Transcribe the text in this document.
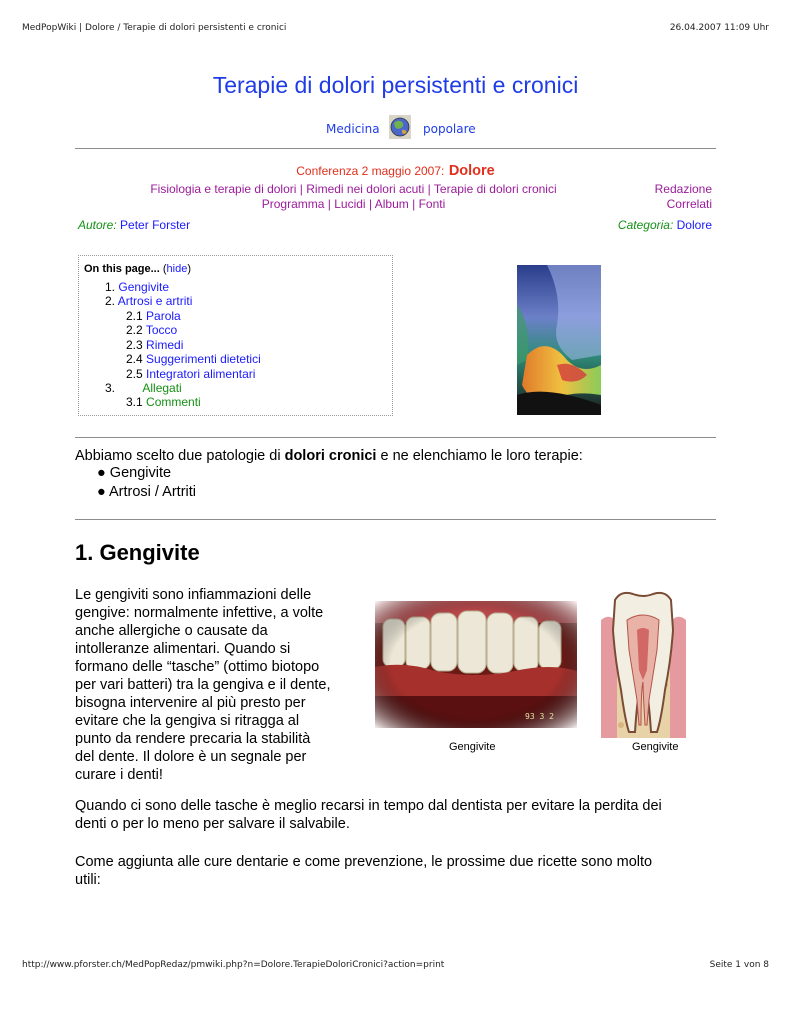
MedPopWiki | Dolore / Terapie di dolori persistenti e cronici	26.04.2007 11:09 Uhr
Terapie di dolori persistenti e cronici
Medicina	popolare
Conferenza 2 maggio 2007: Dolore
Fisiologia e terapie di dolori | Rimedi nei dolori acuti | Terapie di dolori cronici
Programma | Lucidi | Album | Fonti
Redazione
Correlati
Autore: Peter Forster	Categoria: Dolore
On this page... (hide)
1. Gengivite
2. Artrosi e artriti
2.1 Parola
2.2 Tocco
2.3 Rimedi
2.4 Suggerimenti dietetici
2.5 Integratori alimentari
3. Allegati
3.1 Commenti
Abbiamo scelto due patologie di dolori cronici e ne elenchiamo le loro terapie:
● Gengivite
● Artrosi / Artriti
1. Gengivite
Le gengiviti sono infiammazioni delle
gengive: normalmente infettive, a volte
anche allergiche o causate da
intolleranze alimentari. Quando si
formano delle “tasche” (ottimo biotopo
per vari batteri) tra la gengiva e il dente,
bisogna intervenire al più presto per
evitare che la gengiva si ritragga al
punto da rendere precaria la stabilità
del dente. Il dolore è un segnale per
curare i denti!
93 3 2
Gengivite	Gengivite
Quando ci sono delle tasche è meglio recarsi in tempo dal dentista per evitare la perdita dei
denti o per lo meno per salvare il salvabile.
Come aggiunta alle cure dentarie e come prevenzione, le prossime due ricette sono molto
utili:
http://www.pforster.ch/MedPopRedaz/pmwiki.php?n=Dolore.TerapieDoloriCronici?action=print	Seite 1 von 8
